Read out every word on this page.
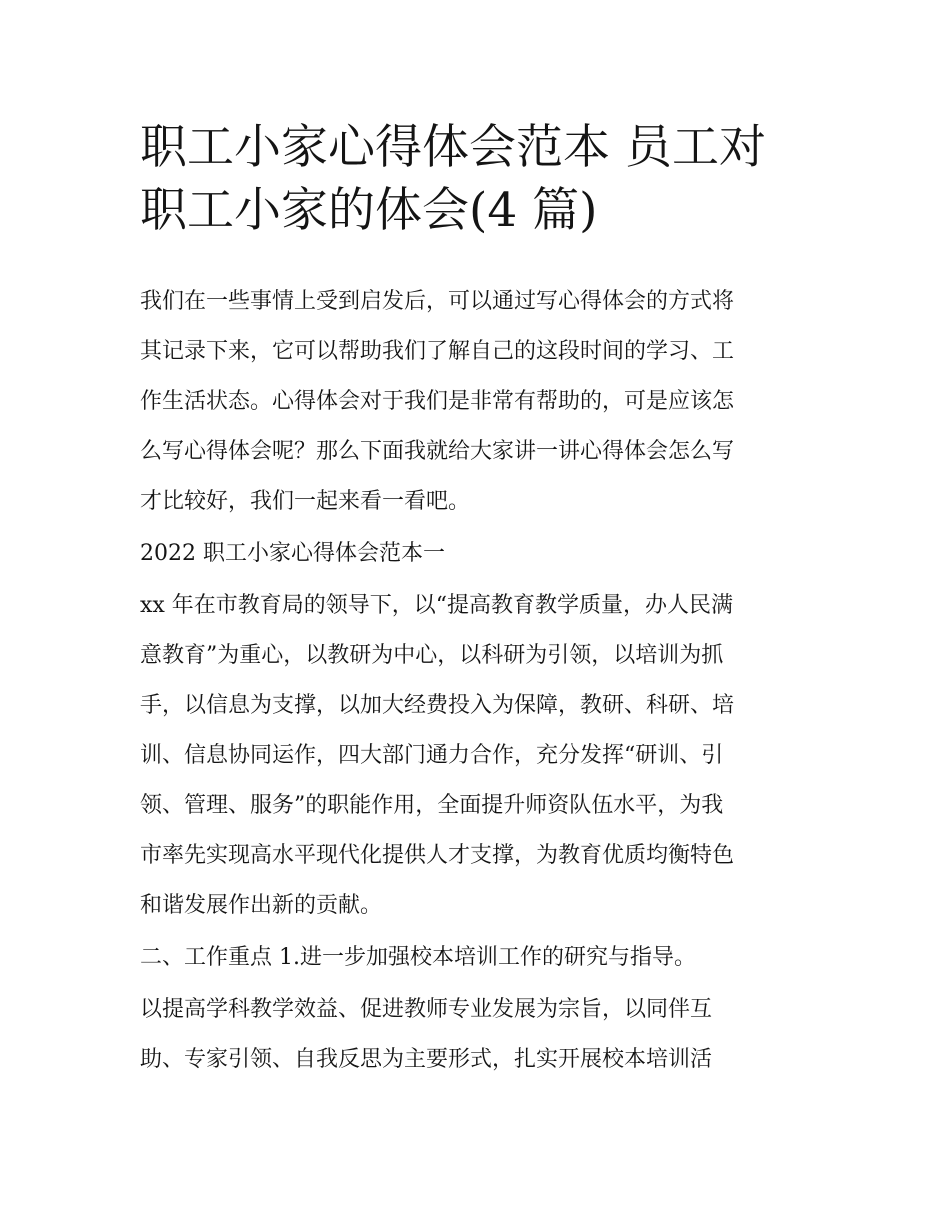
职工小家心得体会范本 员工对
职工小家的体会(4 篇)

我们在一些事情上受到启发后，可以通过写心得体会的方式将
其记录下来，它可以帮助我们了解自己的这段时间的学习、工
作生活状态。心得体会对于我们是非常有帮助的，可是应该怎
么写心得体会呢？那么下面我就给大家讲一讲心得体会怎么写
才比较好，我们一起来看一看吧。

2022 职工小家心得体会范本一

xx 年在市教育局的领导下，以“提高教育教学质量，办人民满
意教育”为重心，以教研为中心，以科研为引领，以培训为抓
手，以信息为支撑，以加大经费投入为保障，教研、科研、培
训、信息协同运作，四大部门通力合作，充分发挥“研训、引
领、管理、服务”的职能作用，全面提升师资队伍水平，为我
市率先实现高水平现代化提供人才支撑，为教育优质均衡特色
和谐发展作出新的贡献。

二、工作重点 1.进一步加强校本培训工作的研究与指导。

以提高学科教学效益、促进教师专业发展为宗旨，以同伴互
助、专家引领、自我反思为主要形式，扎实开展校本培训活
